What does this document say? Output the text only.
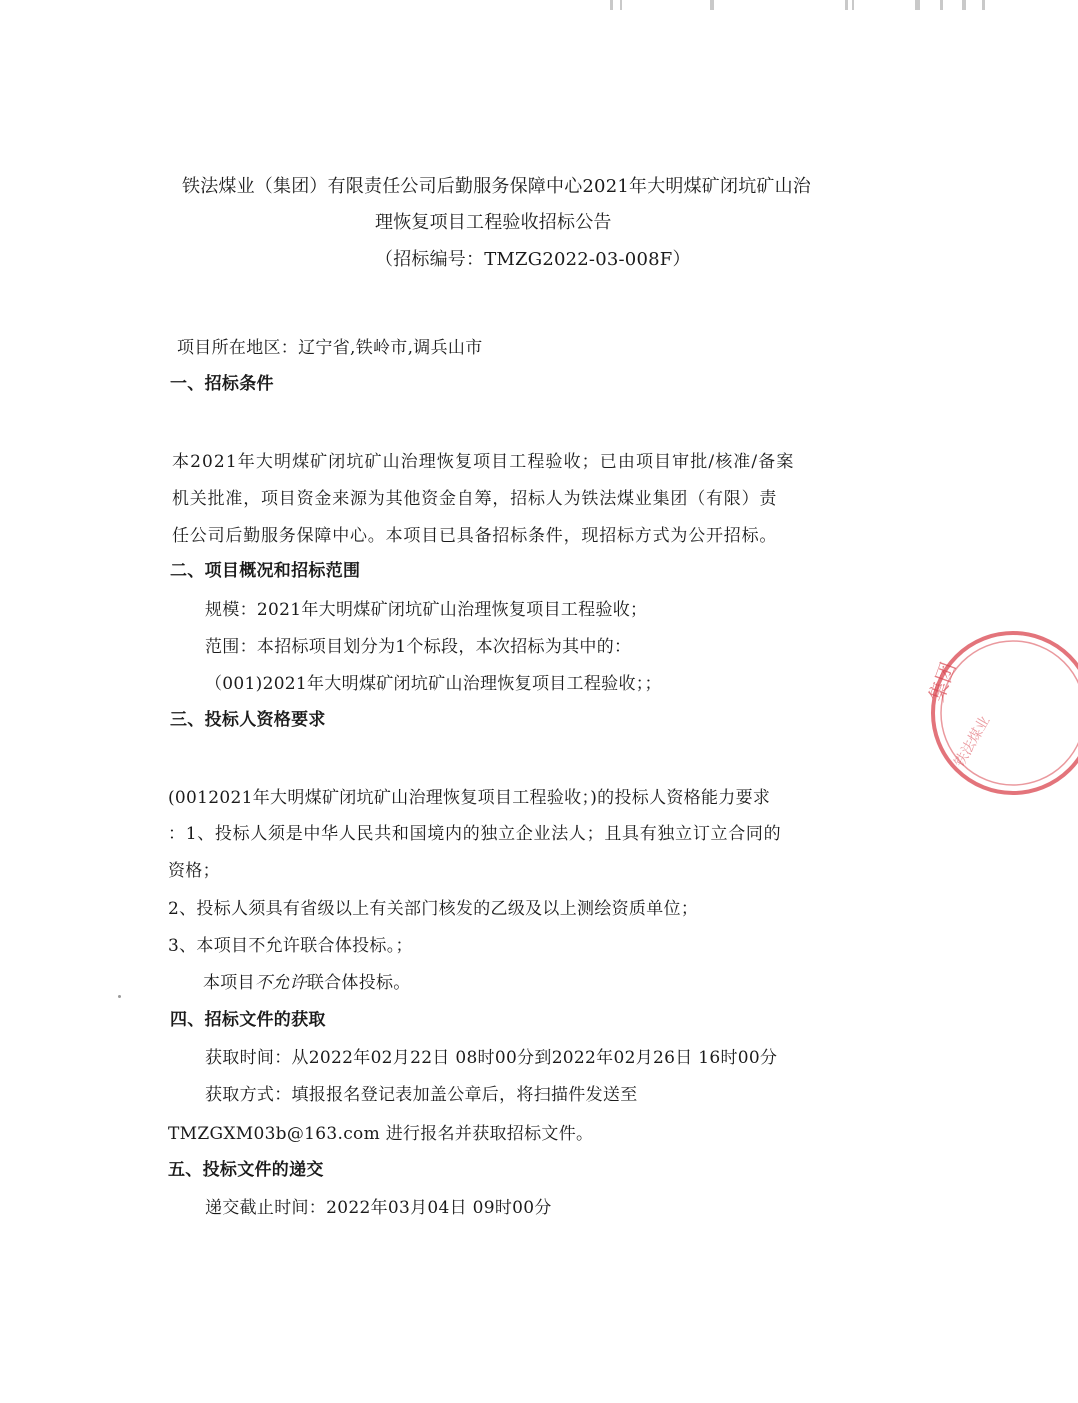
铁法煤业（集团）有限责任公司后勤服务保障中心2021年大明煤矿闭坑矿山治
理恢复项目工程验收招标公告
（招标编号：TMZG2022-03-008F）
项目所在地区：辽宁省,铁岭市,调兵山市
一、招标条件
本2021年大明煤矿闭坑矿山治理恢复项目工程验收；已由项目审批/核准/备案
机关批准，项目资金来源为其他资金自筹，招标人为铁法煤业集团（有限）责
任公司后勤服务保障中心。本项目已具备招标条件，现招标方式为公开招标。
二、项目概况和招标范围
规模：2021年大明煤矿闭坑矿山治理恢复项目工程验收；
范围：本招标项目划分为1个标段，本次招标为其中的：
（001)2021年大明煤矿闭坑矿山治理恢复项目工程验收；；
三、投标人资格要求
(0012021年大明煤矿闭坑矿山治理恢复项目工程验收；)的投标人资格能力要求
：1、投标人须是中华人民共和国境内的独立企业法人；且具有独立订立合同的
资格；
2、投标人须具有省级以上有关部门核发的乙级及以上测绘资质单位；
3、本项目不允许联合体投标。；
本项目不允许联合体投标。
四、招标文件的获取
获取时间：从2022年02月22日 08时00分到2022年02月26日 16时00分
获取方式：填报报名登记表加盖公章后，将扫描件发送至
TMZGXM03b@163.com 进行报名并获取招标文件。
五、投标文件的递交
递交截止时间：2022年03月04日 09时00分
集团
铁法煤业
